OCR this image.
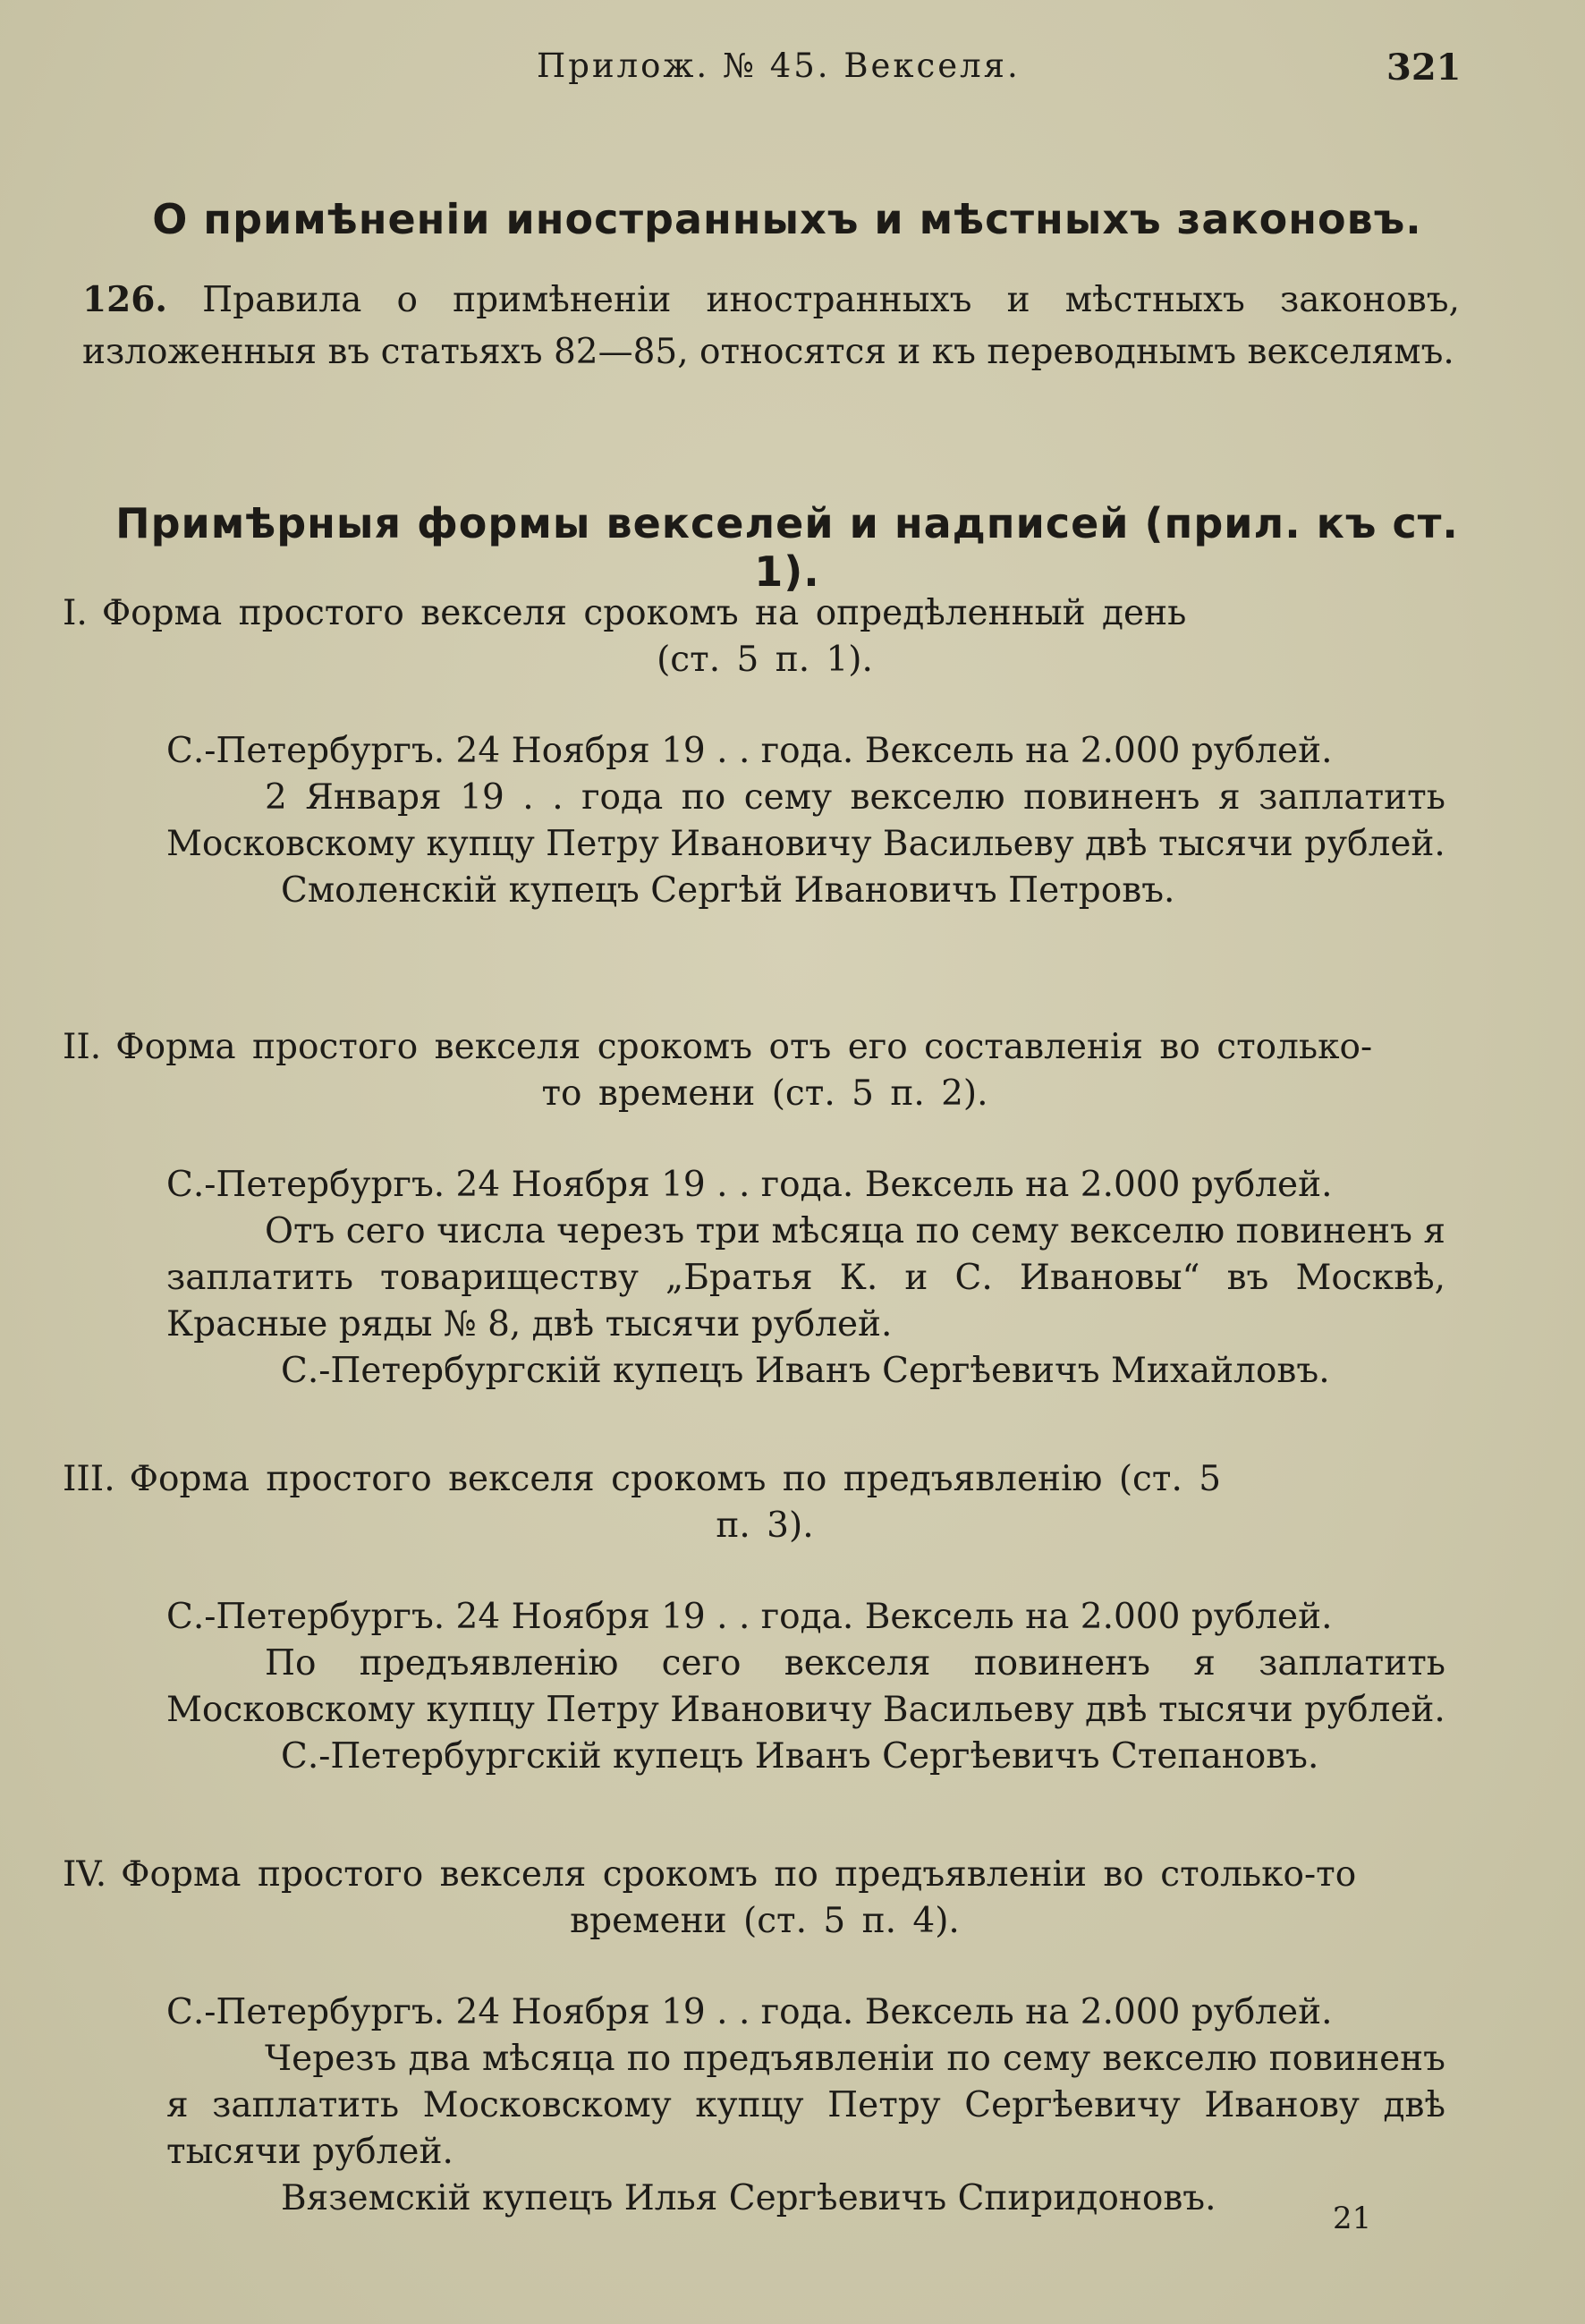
Прилож. № 45. Векселя.	321
О примѣненіи иностранныхъ и мѣстныхъ законовъ.
126. Правила о примѣненіи иностранныхъ и мѣстныхъ законовъ, изложенныя въ статьяхъ 82—85, относятся и къ переводнымъ векселямъ.
Примѣрныя формы векселей и надписей (прил. къ ст. 1).
I. Форма простого векселя срокомъ на опредѣленный день
(ст. 5 п. 1).

С.-Петербургъ. 24 Ноября 19 . . года. Вексель на 2.000 рублей.

2 Января 19 . . года по сему векселю повиненъ я заплатить Московскому купцу Петру Ивановичу Васильеву двѣ тысячи рублей.

Смоленскій купецъ Сергѣй Ивановичъ Петровъ.

II. Форма простого векселя срокомъ отъ его составленія во столько-
то времени (ст. 5 п. 2).

С.-Петербургъ. 24 Ноября 19 . . года. Вексель на 2.000 рублей.

Отъ сего числа черезъ три мѣсяца по сему векселю повиненъ я заплатить товариществу „Братья К. и С. Ивановы“ въ Москвѣ, Красные ряды № 8, двѣ тысячи рублей.

С.-Петербургскій купецъ Иванъ Сергѣевичъ Михайловъ.

III. Форма простого векселя срокомъ по предъявленію (ст. 5
п. 3).

С.-Петербургъ. 24 Ноября 19 . . года. Вексель на 2.000 рублей.

По предъявленію сего векселя повиненъ я заплатить Московскому купцу Петру Ивановичу Васильеву двѣ тысячи рублей.

С.-Петербургскій купецъ Иванъ Сергѣевичъ Степановъ.

IV. Форма простого векселя срокомъ по предъявленіи во столько-то
времени (ст. 5 п. 4).

С.-Петербургъ. 24 Ноября 19 . . года. Вексель на 2.000 рублей.

Черезъ два мѣсяца по предъявленіи по сему векселю повиненъ я заплатить Московскому купцу Петру Сергѣевичу Иванову двѣ тысячи рублей.

Вяземскій купецъ Илья Сергѣевичъ Спиридоновъ.	21
